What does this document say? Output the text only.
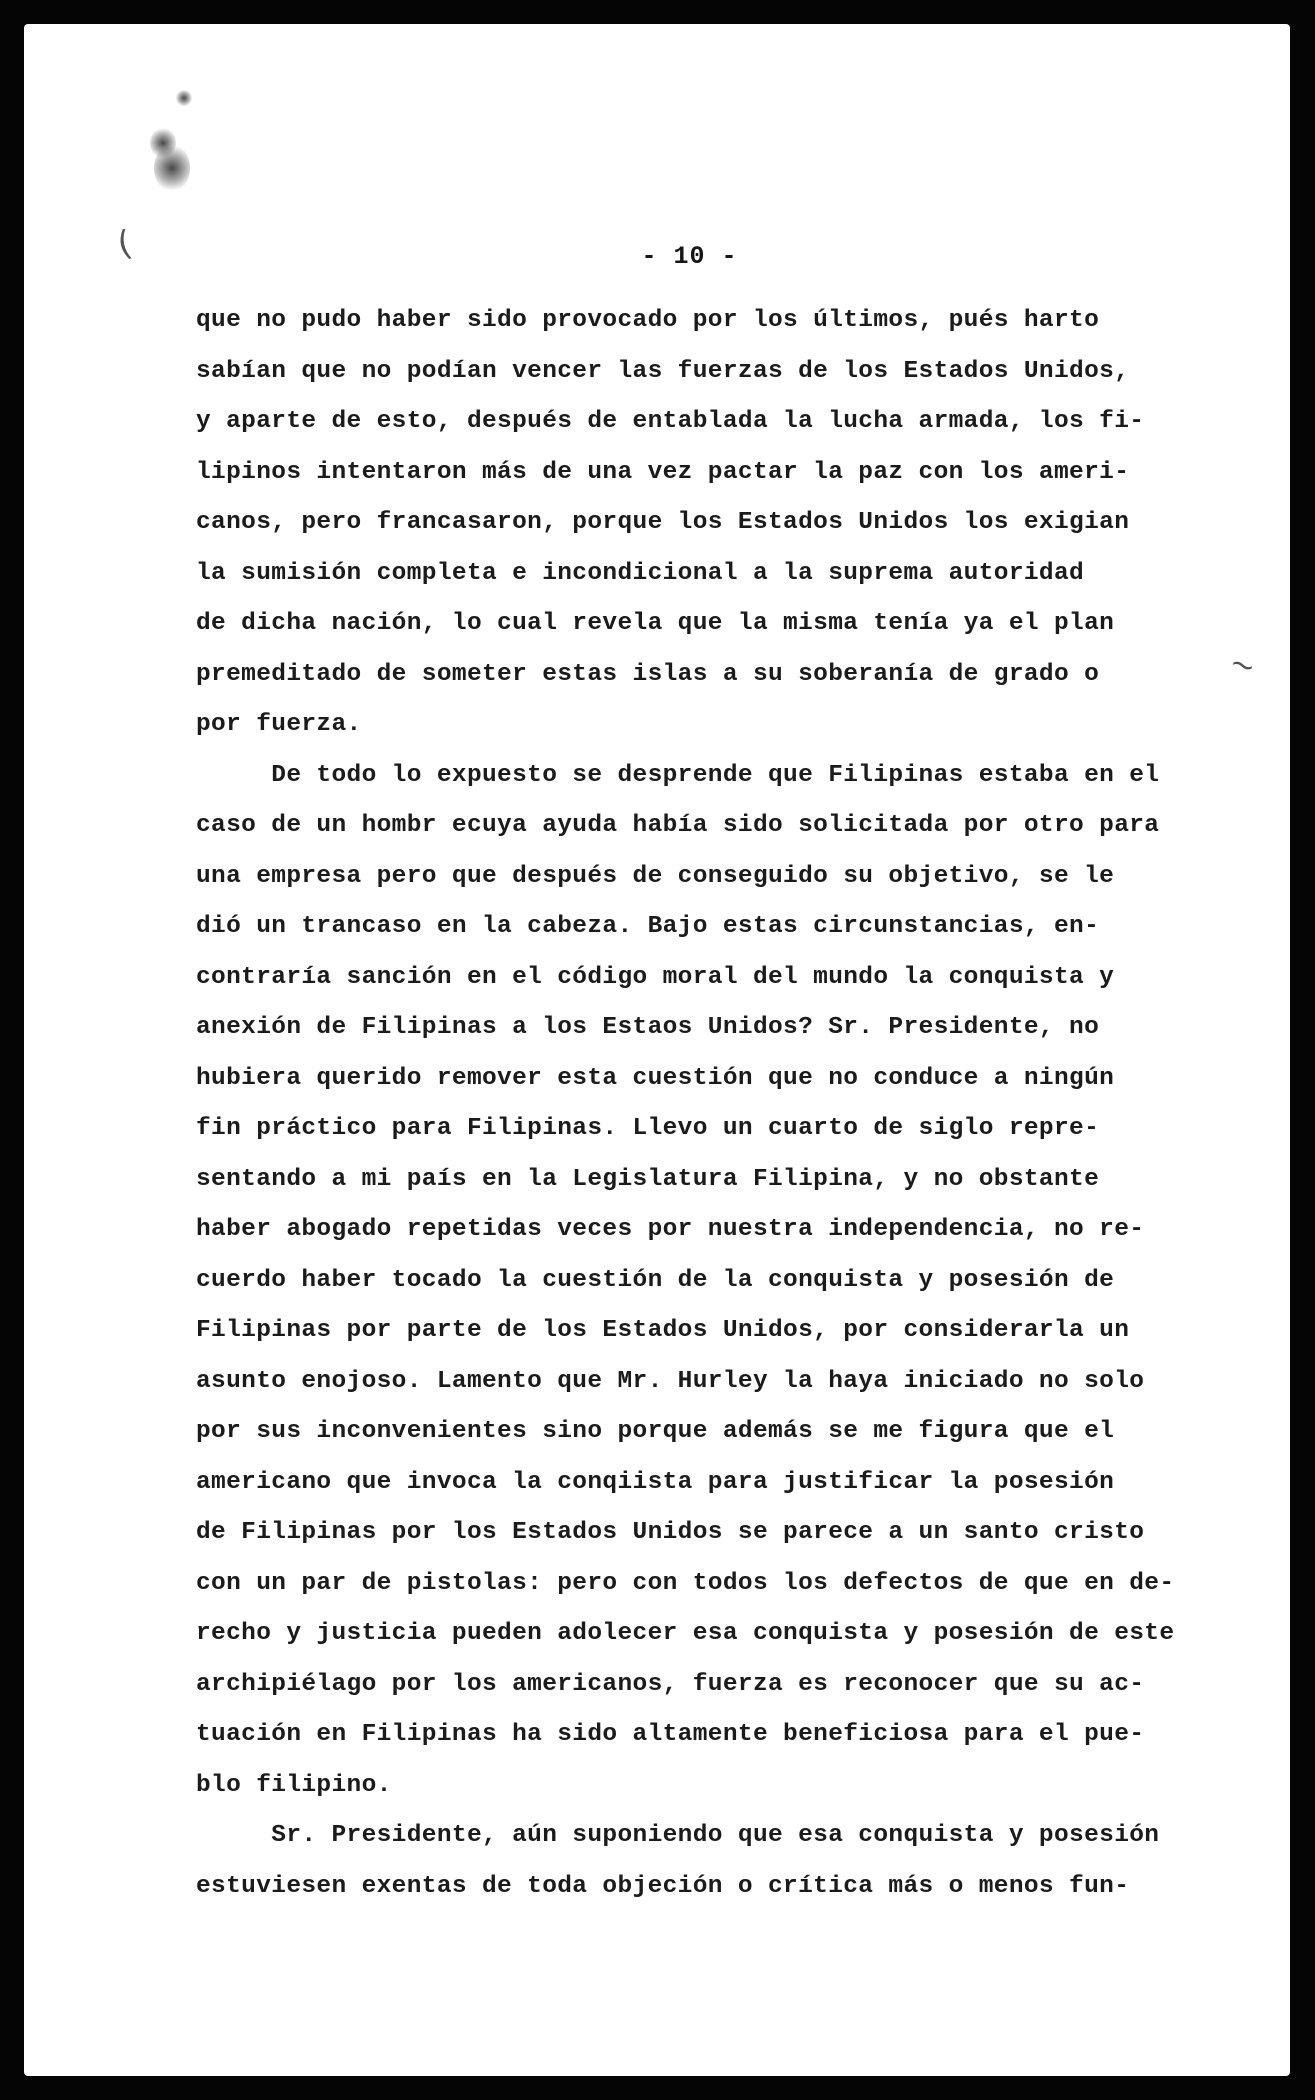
(
~
- 10 -
que no pudo haber sido provocado por los últimos, pués harto
sabían que no podían vencer las fuerzas de los Estados Unidos,
y aparte de esto, después de entablada la lucha armada, los fi-
lipinos intentaron más de una vez pactar la paz con los ameri-
canos, pero francasaron, porque los Estados Unidos los exigian
la sumisión completa e incondicional a la suprema autoridad
de dicha nación, lo cual revela que la misma tenía ya el plan
premeditado de someter estas islas a su soberanía de grado o
por fuerza.
De todo lo expuesto se desprende que Filipinas estaba en el
caso de un hombr ecuya ayuda había sido solicitada por otro para
una empresa pero que después de conseguido su objetivo, se le
dió un trancaso en la cabeza. Bajo estas circunstancias, en-
contraría sanción en el código moral del mundo la conquista y
anexión de Filipinas a los Estaos Unidos? Sr. Presidente, no
hubiera querido remover esta cuestión que no conduce a ningún
fin práctico para Filipinas. Llevo un cuarto de siglo repre-
sentando a mi país en la Legislatura Filipina, y no obstante
haber abogado repetidas veces por nuestra independencia, no re-
cuerdo haber tocado la cuestión de la conquista y posesión de
Filipinas por parte de los Estados Unidos, por considerarla un
asunto enojoso. Lamento que Mr. Hurley la haya iniciado no solo
por sus inconvenientes sino porque además se me figura que el
americano que invoca la conqiista para justificar la posesión
de Filipinas por los Estados Unidos se parece a un santo cristo
con un par de pistolas: pero con todos los defectos de que en de-
recho y justicia pueden adolecer esa conquista y posesión de este
archipiélago por los americanos, fuerza es reconocer que su ac-
tuación en Filipinas ha sido altamente beneficiosa para el pue-
blo filipino.
Sr. Presidente, aún suponiendo que esa conquista y posesión
estuviesen exentas de toda objeción o crítica más o menos fun-
